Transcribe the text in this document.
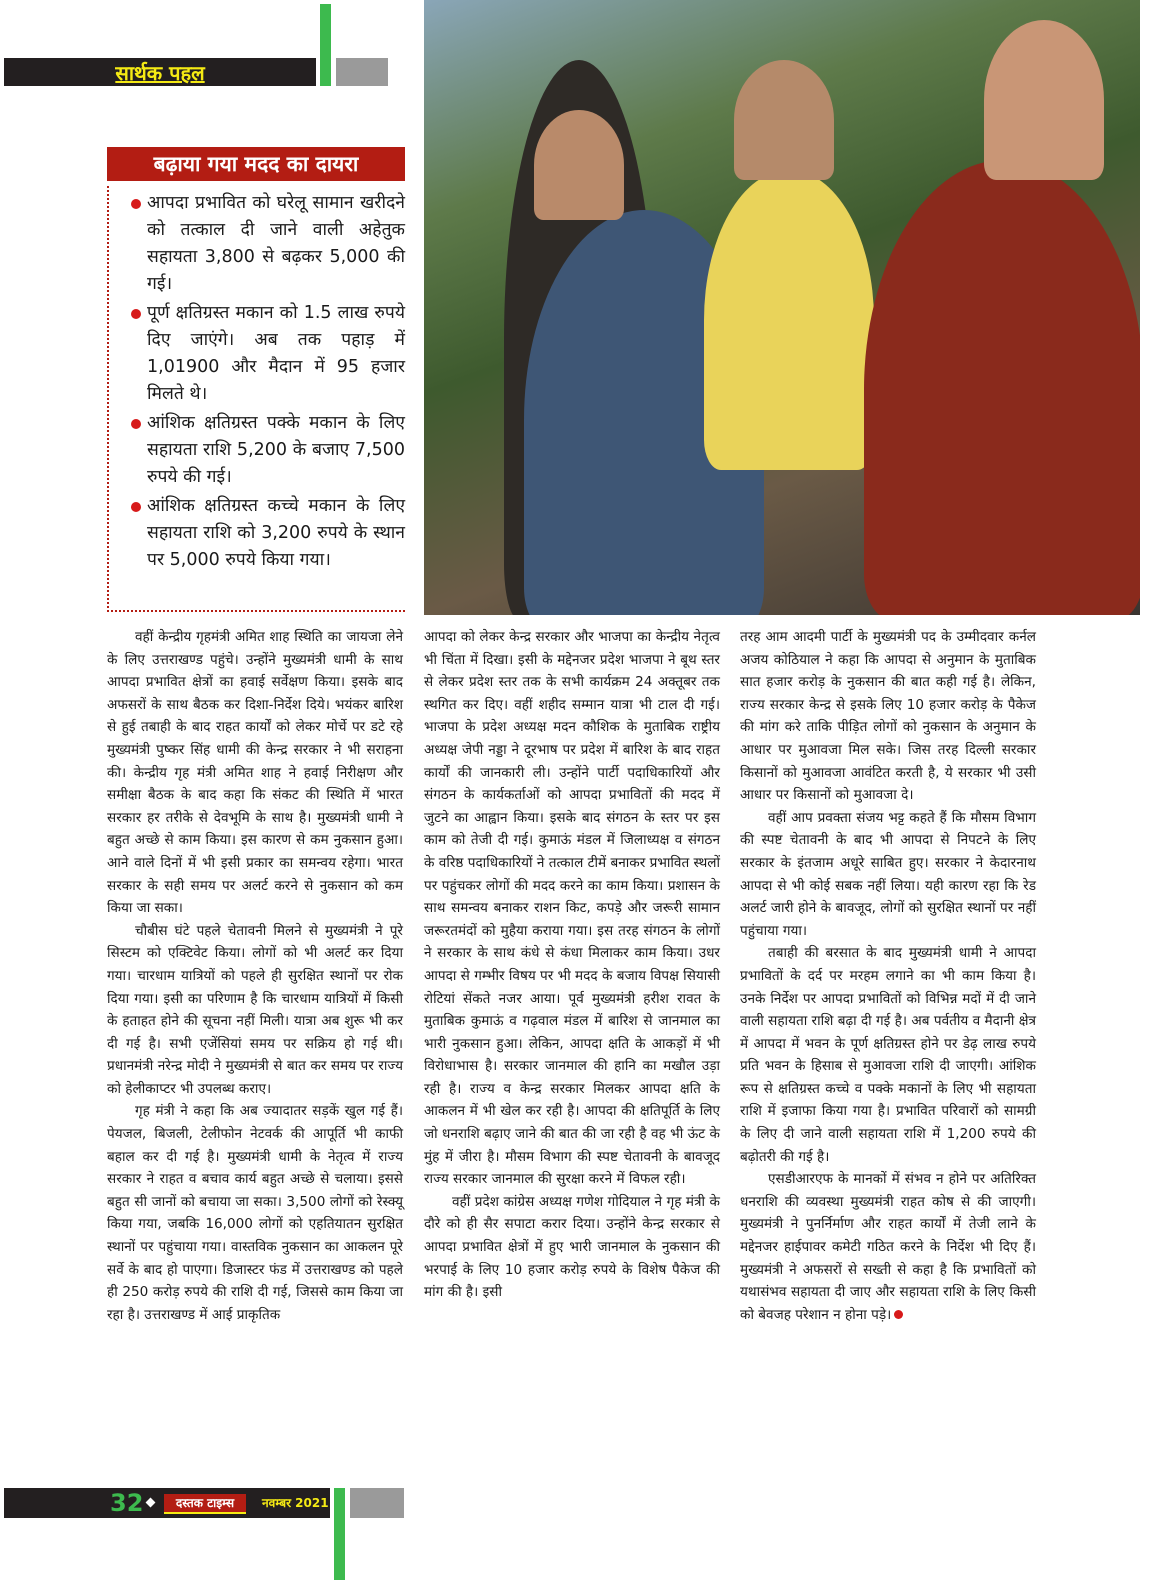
सार्थक पहल
बढ़ाया गया मदद का दायरा
आपदा प्रभावित को घरेलू सामान खरीदने को तत्काल दी जाने वाली अहेतुक सहायता 3,800 से बढ़कर 5,000 की गई।
पूर्ण क्षतिग्रस्त मकान को 1.5 लाख रुपये दिए जाएंगे। अब तक पहाड़ में 1,01900 और मैदान में 95 हजार मिलते थे।
आंशिक क्षतिग्रस्त पक्के मकान के लिए सहायता राशि 5,200 के बजाए 7,500 रुपये की गई।
आंशिक क्षतिग्रस्त कच्चे मकान के लिए सहायता राशि को 3,200 रुपये के स्थान पर 5,000 रुपये किया गया।

वहीं केन्द्रीय गृहमंत्री अमित शाह स्थिति का जायजा लेने के लिए उत्तराखण्ड पहुंचे। उन्होंने मुख्यमंत्री धामी के साथ आपदा प्रभावित क्षेत्रों का हवाई सर्वेक्षण किया। इसके बाद अफसरों के साथ बैठक कर दिशा-निर्देश दिये। भयंकर बारिश से हुई तबाही के बाद राहत कार्यों को लेकर मोर्चे पर डटे रहे मुख्यमंत्री पुष्कर सिंह धामी की केन्द्र सरकार ने भी सराहना की। केन्द्रीय गृह मंत्री अमित शाह ने हवाई निरीक्षण और समीक्षा बैठक के बाद कहा कि संकट की स्थिति में भारत सरकार हर तरीके से देवभूमि के साथ है। मुख्यमंत्री धामी ने बहुत अच्छे से काम किया। इस कारण से कम नुकसान हुआ। आने वाले दिनों में भी इसी प्रकार का समन्वय रहेगा। भारत सरकार के सही समय पर अलर्ट करने से नुकसान को कम किया जा सका।

चौबीस घंटे पहले चेतावनी मिलने से मुख्यमंत्री ने पूरे सिस्टम को एक्टिवेट किया। लोगों को भी अलर्ट कर दिया गया। चारधाम यात्रियों को पहले ही सुरक्षित स्थानों पर रोक दिया गया। इसी का परिणाम है कि चारधाम यात्रियों में किसी के हताहत होने की सूचना नहीं मिली। यात्रा अब शुरू भी कर दी गई है। सभी एजेंसियां समय पर सक्रिय हो गई थी। प्रधानमंत्री नरेन्द्र मोदी ने मुख्यमंत्री से बात कर समय पर राज्य को हेलीकाप्टर भी उपलब्ध कराए।

गृह मंत्री ने कहा कि अब ज्यादातर सड़कें खुल गई हैं। पेयजल, बिजली, टेलीफोन नेटवर्क की आपूर्ति भी काफी बहाल कर दी गई है। मुख्यमंत्री धामी के नेतृत्व में राज्य सरकार ने राहत व बचाव कार्य बहुत अच्छे से चलाया। इससे बहुत सी जानों को बचाया जा सका। 3,500 लोगों को रेस्क्यू किया गया, जबकि 16,000 लोगों को एहतियातन सुरक्षित स्थानों पर पहुंचाया गया। वास्तविक नुकसान का आकलन पूरे सर्वे के बाद हो पाएगा। डिजास्टर फंड में उत्तराखण्ड को पहले ही 250 करोड़ रुपये की राशि दी गई, जिससे काम किया जा रहा है। उत्तराखण्ड में आई प्राकृतिक

आपदा को लेकर केन्द्र सरकार और भाजपा का केन्द्रीय नेतृत्व भी चिंता में दिखा। इसी के मद्देनजर प्रदेश भाजपा ने बूथ स्तर से लेकर प्रदेश स्तर तक के सभी कार्यक्रम 24 अक्तूबर तक स्थगित कर दिए। वहीं शहीद सम्मान यात्रा भी टाल दी गई। भाजपा के प्रदेश अध्यक्ष मदन कौशिक के मुताबिक राष्ट्रीय अध्यक्ष जेपी नड्डा ने दूरभाष पर प्रदेश में बारिश के बाद राहत कार्यों की जानकारी ली। उन्होंने पार्टी पदाधिकारियों और संगठन के कार्यकर्ताओं को आपदा प्रभावितों की मदद में जुटने का आह्वान किया। इसके बाद संगठन के स्तर पर इस काम को तेजी दी गई। कुमाऊं मंडल में जिलाध्यक्ष व संगठन के वरिष्ठ पदाधिकारियों ने तत्काल टीमें बनाकर प्रभावित स्थलों पर पहुंचकर लोगों की मदद करने का काम किया। प्रशासन के साथ समन्वय बनाकर राशन किट, कपड़े और जरूरी सामान जरूरतमंदों को मुहैया कराया गया। इस तरह संगठन के लोगों ने सरकार के साथ कंधे से कंधा मिलाकर काम किया। उधर आपदा से गम्भीर विषय पर भी मदद के बजाय विपक्ष सियासी रोटियां सेंकते नजर आया। पूर्व मुख्यमंत्री हरीश रावत के मुताबिक कुमाऊं व गढ़वाल मंडल में बारिश से जानमाल का भारी नुकसान हुआ। लेकिन, आपदा क्षति के आकड़ों में भी विरोधाभास है। सरकार जानमाल की हानि का मखौल उड़ा रही है। राज्य व केन्द्र सरकार मिलकर आपदा क्षति के आकलन में भी खेल कर रही है। आपदा की क्षतिपूर्ति के लिए जो धनराशि बढ़ाए जाने की बात की जा रही है वह भी ऊंट के मुंह में जीरा है। मौसम विभाग की स्पष्ट चेतावनी के बावजूद राज्य सरकार जानमाल की सुरक्षा करने में विफल रही।

वहीं प्रदेश कांग्रेस अध्यक्ष गणेश गोदियाल ने गृह मंत्री के दौरे को ही सैर सपाटा करार दिया। उन्होंने केन्द्र सरकार से आपदा प्रभावित क्षेत्रों में हुए भारी जानमाल के नुकसान की भरपाई के लिए 10 हजार करोड़ रुपये के विशेष पैकेज की मांग की है। इसी

तरह आम आदमी पार्टी के मुख्यमंत्री पद के उम्मीदवार कर्नल अजय कोठियाल ने कहा कि आपदा से अनुमान के मुताबिक सात हजार करोड़ के नुकसान की बात कही गई है। लेकिन, राज्य सरकार केन्द्र से इसके लिए 10 हजार करोड़ के पैकेज की मांग करे ताकि पीड़ित लोगों को नुकसान के अनुमान के आधार पर मुआवजा मिल सके। जिस तरह दिल्ली सरकार किसानों को मुआवजा आवंटित करती है, ये सरकार भी उसी आधार पर किसानों को मुआवजा दे।

वहीं आप प्रवक्ता संजय भट्ट कहते हैं कि मौसम विभाग की स्पष्ट चेतावनी के बाद भी आपदा से निपटने के लिए सरकार के इंतजाम अधूरे साबित हुए। सरकार ने केदारनाथ आपदा से भी कोई सबक नहीं लिया। यही कारण रहा कि रेड अलर्ट जारी होने के बावजूद, लोगों को सुरक्षित स्थानों पर नहीं पहुंचाया गया।

तबाही की बरसात के बाद मुख्यमंत्री धामी ने आपदा प्रभावितों के दर्द पर मरहम लगाने का भी काम किया है। उनके निर्देश पर आपदा प्रभावितों को विभिन्न मदों में दी जाने वाली सहायता राशि बढ़ा दी गई है। अब पर्वतीय व मैदानी क्षेत्र में आपदा में भवन के पूर्ण क्षतिग्रस्त होने पर डेढ़ लाख रुपये प्रति भवन के हिसाब से मुआवजा राशि दी जाएगी। आंशिक रूप से क्षतिग्रस्त कच्चे व पक्के मकानों के लिए भी सहायता राशि में इजाफा किया गया है। प्रभावित परिवारों को सामग्री के लिए दी जाने वाली सहायता राशि में 1,200 रुपये की बढ़ोतरी की गई है।

एसडीआरएफ के मानकों में संभव न होने पर अतिरिक्त धनराशि की व्यवस्था मुख्यमंत्री राहत कोष से की जाएगी। मुख्यमंत्री ने पुनर्निर्माण और राहत कार्यों में तेजी लाने के मद्देनजर हाईपावर कमेटी गठित करने के निर्देश भी दिए हैं। मुख्यमंत्री ने अफसरों से सख्ती से कहा है कि प्रभावितों को यथासंभव सहायता दी जाए और सहायता राशि के लिए किसी को बेवजह परेशान न होना पड़े।

32	दस्तक टाइम्स	नवम्बर 2021
